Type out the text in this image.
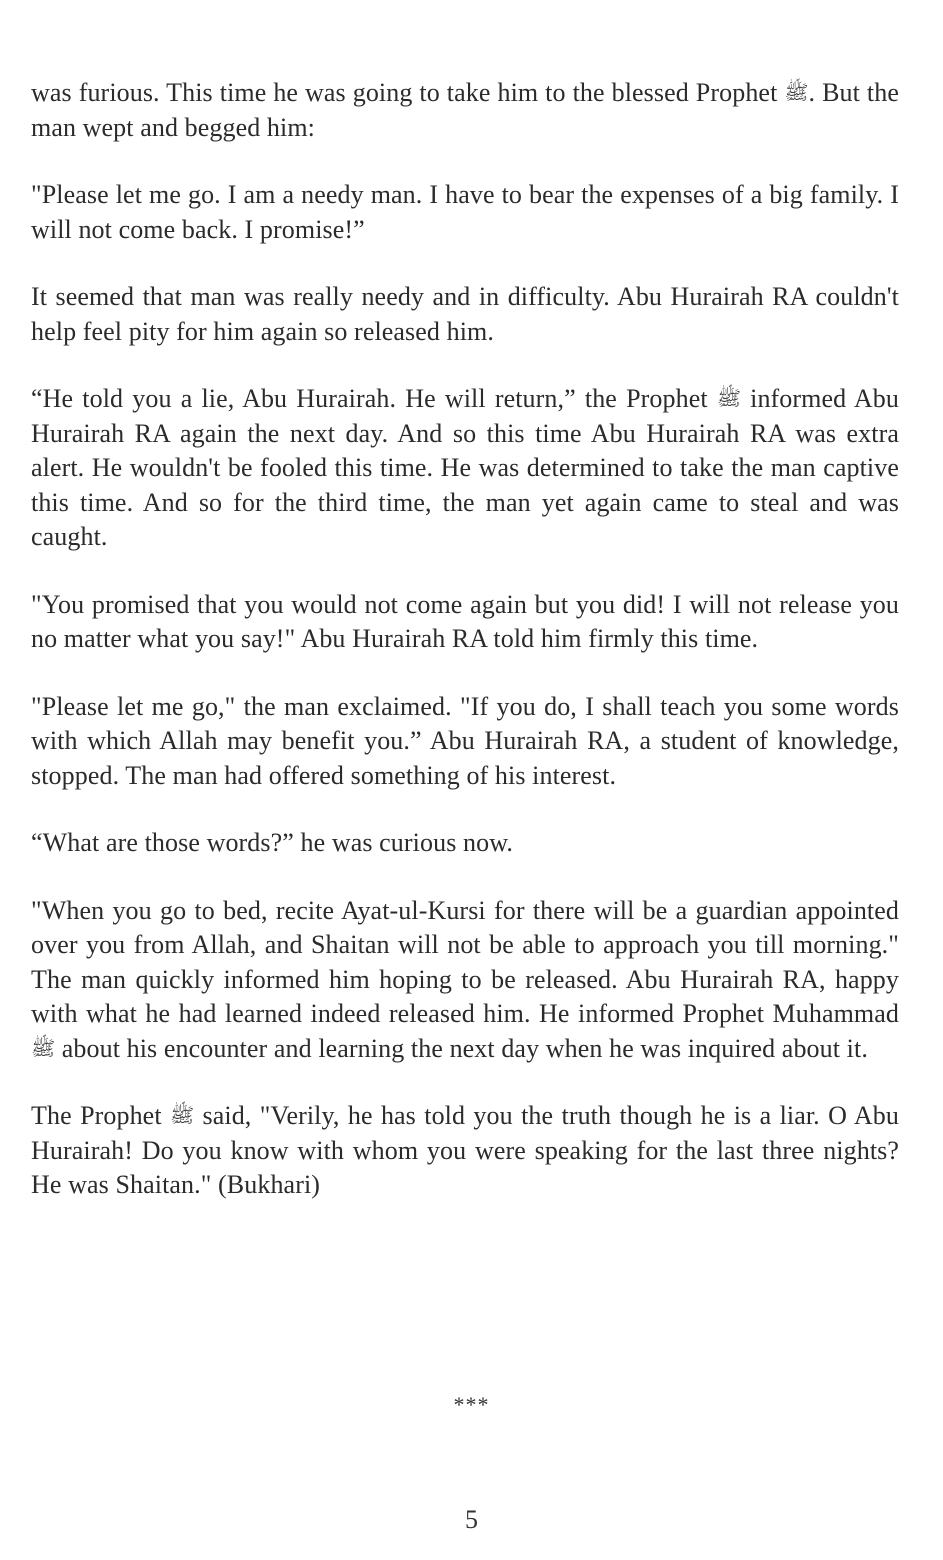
was furious. This time he was going to take him to the blessed Prophet ﷺ. But the man wept and begged him:

"Please let me go. I am a needy man. I have to bear the expenses of a big family. I will not come back. I promise!”

It seemed that man was really needy and in difficulty. Abu Hurairah RA couldn't help feel pity for him again so released him.

“He told you a lie, Abu Hurairah. He will return,” the Prophet ﷺ informed Abu Hurairah RA again the next day. And so this time Abu Hurairah RA was extra alert. He wouldn't be fooled this time. He was determined to take the man captive this time. And so for the third time, the man yet again came to steal and was caught.

"You promised that you would not come again but you did! I will not release you no matter what you say!" Abu Hurairah RA told him firmly this time.

"Please let me go," the man exclaimed. "If you do, I shall teach you some words with which Allah may benefit you.” Abu Hurairah RA, a student of knowledge, stopped. The man had offered something of his interest.

“What are those words?” he was curious now.

"When you go to bed, recite Ayat-ul-Kursi for there will be a guardian appointed over you from Allah, and Shaitan will not be able to approach you till morning." The man quickly informed him hoping to be released. Abu Hurairah RA, happy with what he had learned indeed released him. He informed Prophet Muhammad ﷺ about his encounter and learning the next day when he was inquired about it.

The Prophet ﷺ said, "Verily, he has told you the truth though he is a liar. O Abu Hurairah! Do you know with whom you were speaking for the last three nights? He was Shaitan." (Bukhari)

***
5
